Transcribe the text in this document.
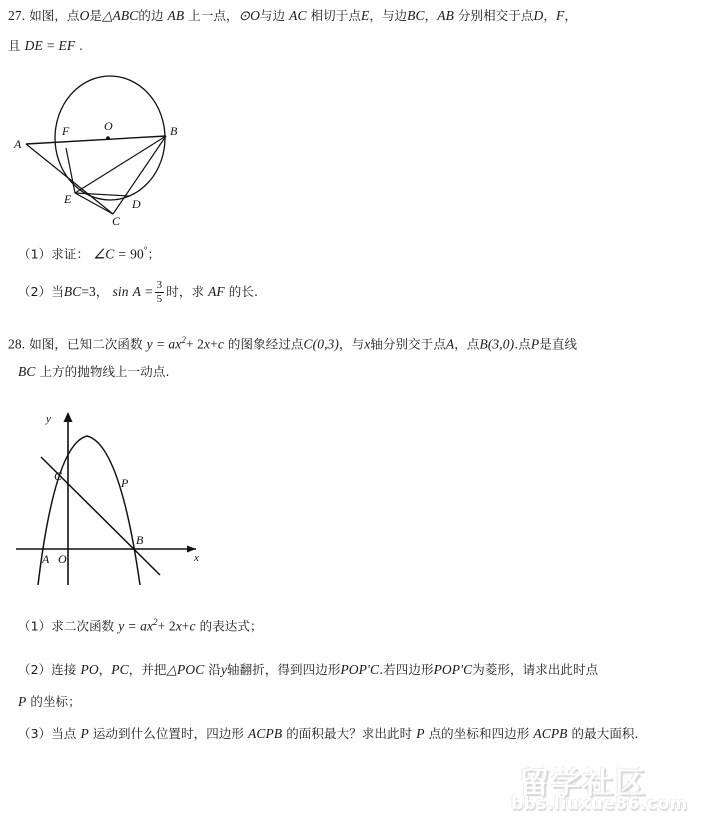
27. 如图，点O是△ABC的边 AB 上一点，⊙O与边 AC 相切于点E，与边BC，AB 分别相交于点D，F，
且 DE = EF .
A
F	O	B
E	D
C
（1）求证： ∠C = 90°；
（2）当BC=3， $\sin A = \frac{3}{5}$ 时，求 AF 的长.
28. 如图，已知二次函数 $y = ax^2+ 2x+c$ 的图象经过点C(0,3)，与x轴分别交于点A，点B(3,0).点P是直线
BC 上方的抛物线上一动点.
y
x
A O
C	P
B
（1）求二次函数 $y = ax^2+ 2x+c$ 的表达式；
（2）连接 PO，PC，并把△POC 沿y轴翻折，得到四边形POP'C.若四边形POP'C为菱形，请求出此时点
P 的坐标；
（3）当点 P 运动到什么位置时，四边形 ACPB 的面积最大？求出此时 P 点的坐标和四边形 ACPB 的最大面积.
留学社区
bbs.liuxue86.com
